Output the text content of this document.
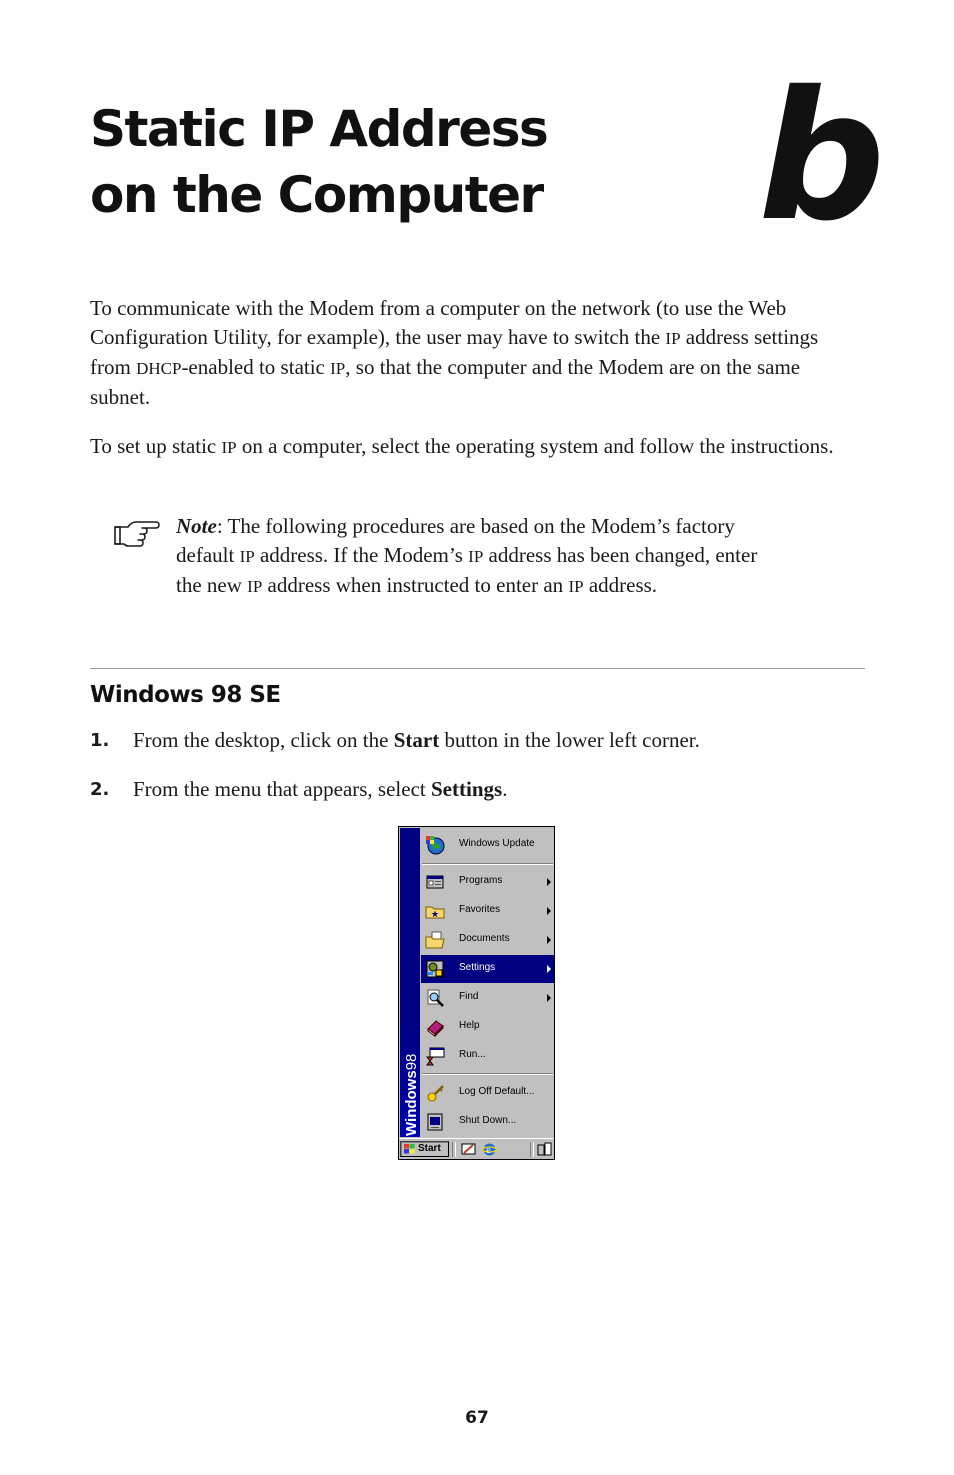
Static IP Address
on the Computer b

To communicate with the Modem from a computer on the network (to use the Web Configuration Utility, for example), the user may have to switch the IP address settings from DHCP-enabled to static IP, so that the computer and the Modem are on the same subnet.

To set up static IP on a computer, select the operating system and follow the instructions.

Note: The following procedures are based on the Modem’s factory default IP address. If the Modem’s IP address has been changed, enter the new IP address when instructed to enter an IP address.

Windows 98 SE
1. From the desktop, click on the Start button in the lower left corner.

2. From the menu that appears, select Settings.

Windows98
Windows Update
Programs
Favorites
Documents
Settings
Find
Help
Run...
Log Off Default...
Shut Down...
Start	e
67
